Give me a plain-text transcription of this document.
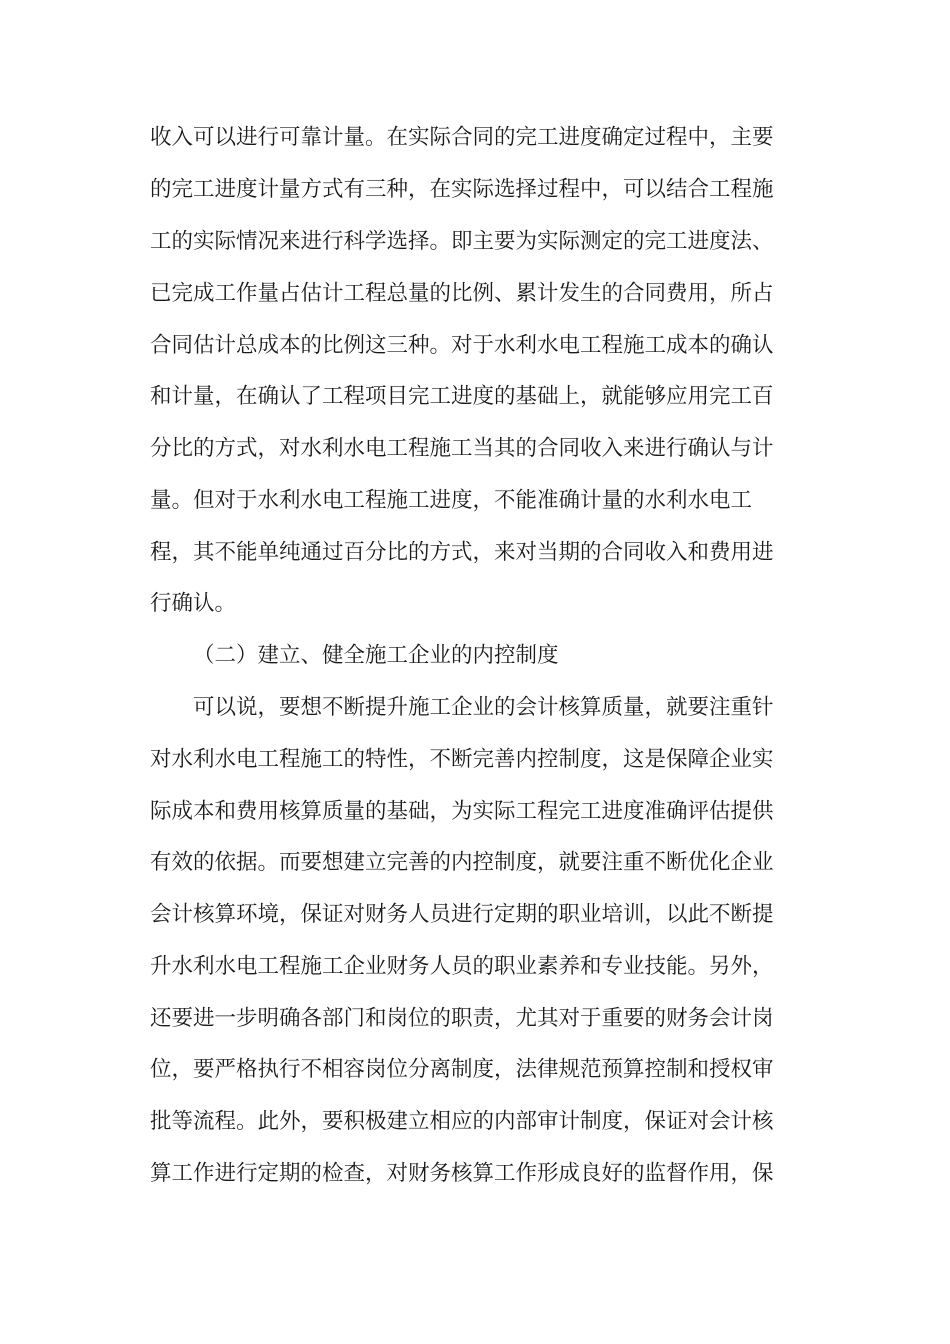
收入可以进行可靠计量。在实际合同的完工进度确定过程中，主要
的完工进度计量方式有三种，在实际选择过程中，可以结合工程施
工的实际情况来进行科学选择。即主要为实际测定的完工进度法、
已完成工作量占估计工程总量的比例、累计发生的合同费用，所占
合同估计总成本的比例这三种。对于水利水电工程施工成本的确认
和计量，在确认了工程项目完工进度的基础上，就能够应用完工百
分比的方式，对水利水电工程施工当其的合同收入来进行确认与计
量。但对于水利水电工程施工进度，不能准确计量的水利水电工
程，其不能单纯通过百分比的方式，来对当期的合同收入和费用进
行确认。
（二）建立、健全施工企业的内控制度
可以说，要想不断提升施工企业的会计核算质量，就要注重针
对水利水电工程施工的特性，不断完善内控制度，这是保障企业实
际成本和费用核算质量的基础，为实际工程完工进度准确评估提供
有效的依据。而要想建立完善的内控制度，就要注重不断优化企业
会计核算环境，保证对财务人员进行定期的职业培训，以此不断提
升水利水电工程施工企业财务人员的职业素养和专业技能。另外，
还要进一步明确各部门和岗位的职责，尤其对于重要的财务会计岗
位，要严格执行不相容岗位分离制度，法律规范预算控制和授权审
批等流程。此外，要积极建立相应的内部审计制度，保证对会计核
算工作进行定期的检查，对财务核算工作形成良好的监督作用，保
